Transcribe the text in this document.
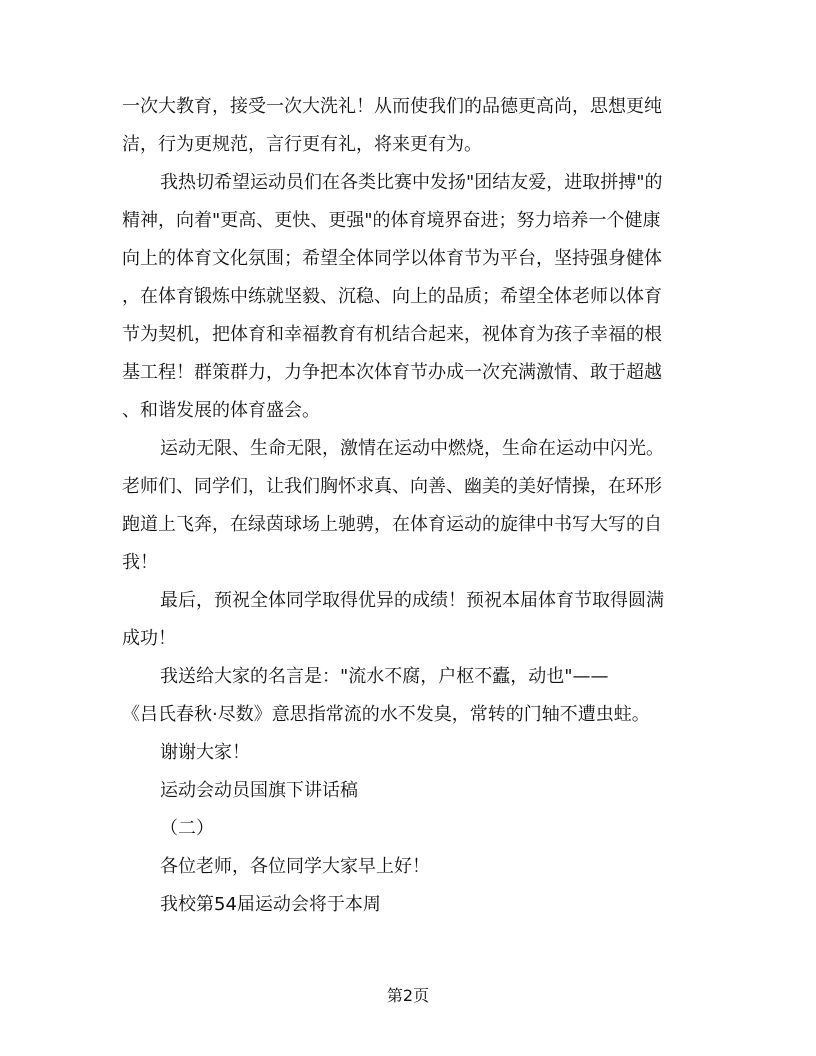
一次大教育，接受一次大洗礼！从而使我们的品德更高尚，思想更纯
洁，行为更规范，言行更有礼，将来更有为。
我热切希望运动员们在各类比赛中发扬"团结友爱，进取拼搏"的
精神，向着"更高、更快、更强"的体育境界奋进；努力培养一个健康
向上的体育文化氛围；希望全体同学以体育节为平台，坚持强身健体
，在体育锻炼中练就坚毅、沉稳、向上的品质；希望全体老师以体育
节为契机，把体育和幸福教育有机结合起来，视体育为孩子幸福的根
基工程！群策群力，力争把本次体育节办成一次充满激情、敢于超越
、和谐发展的体育盛会。
运动无限、生命无限，激情在运动中燃烧，生命在运动中闪光。
老师们、同学们，让我们胸怀求真、向善、幽美的美好情操，在环形
跑道上飞奔，在绿茵球场上驰骋，在体育运动的旋律中书写大写的自
我！
最后，预祝全体同学取得优异的成绩！预祝本届体育节取得圆满
成功！
我送给大家的名言是："流水不腐，户枢不蠹，动也"——
《吕氏春秋·尽数》意思指常流的水不发臭，常转的门轴不遭虫蛀。
谢谢大家！
运动会动员国旗下讲话稿
（二）
各位老师，各位同学大家早上好！
我校第54届运动会将于本周
第2页
